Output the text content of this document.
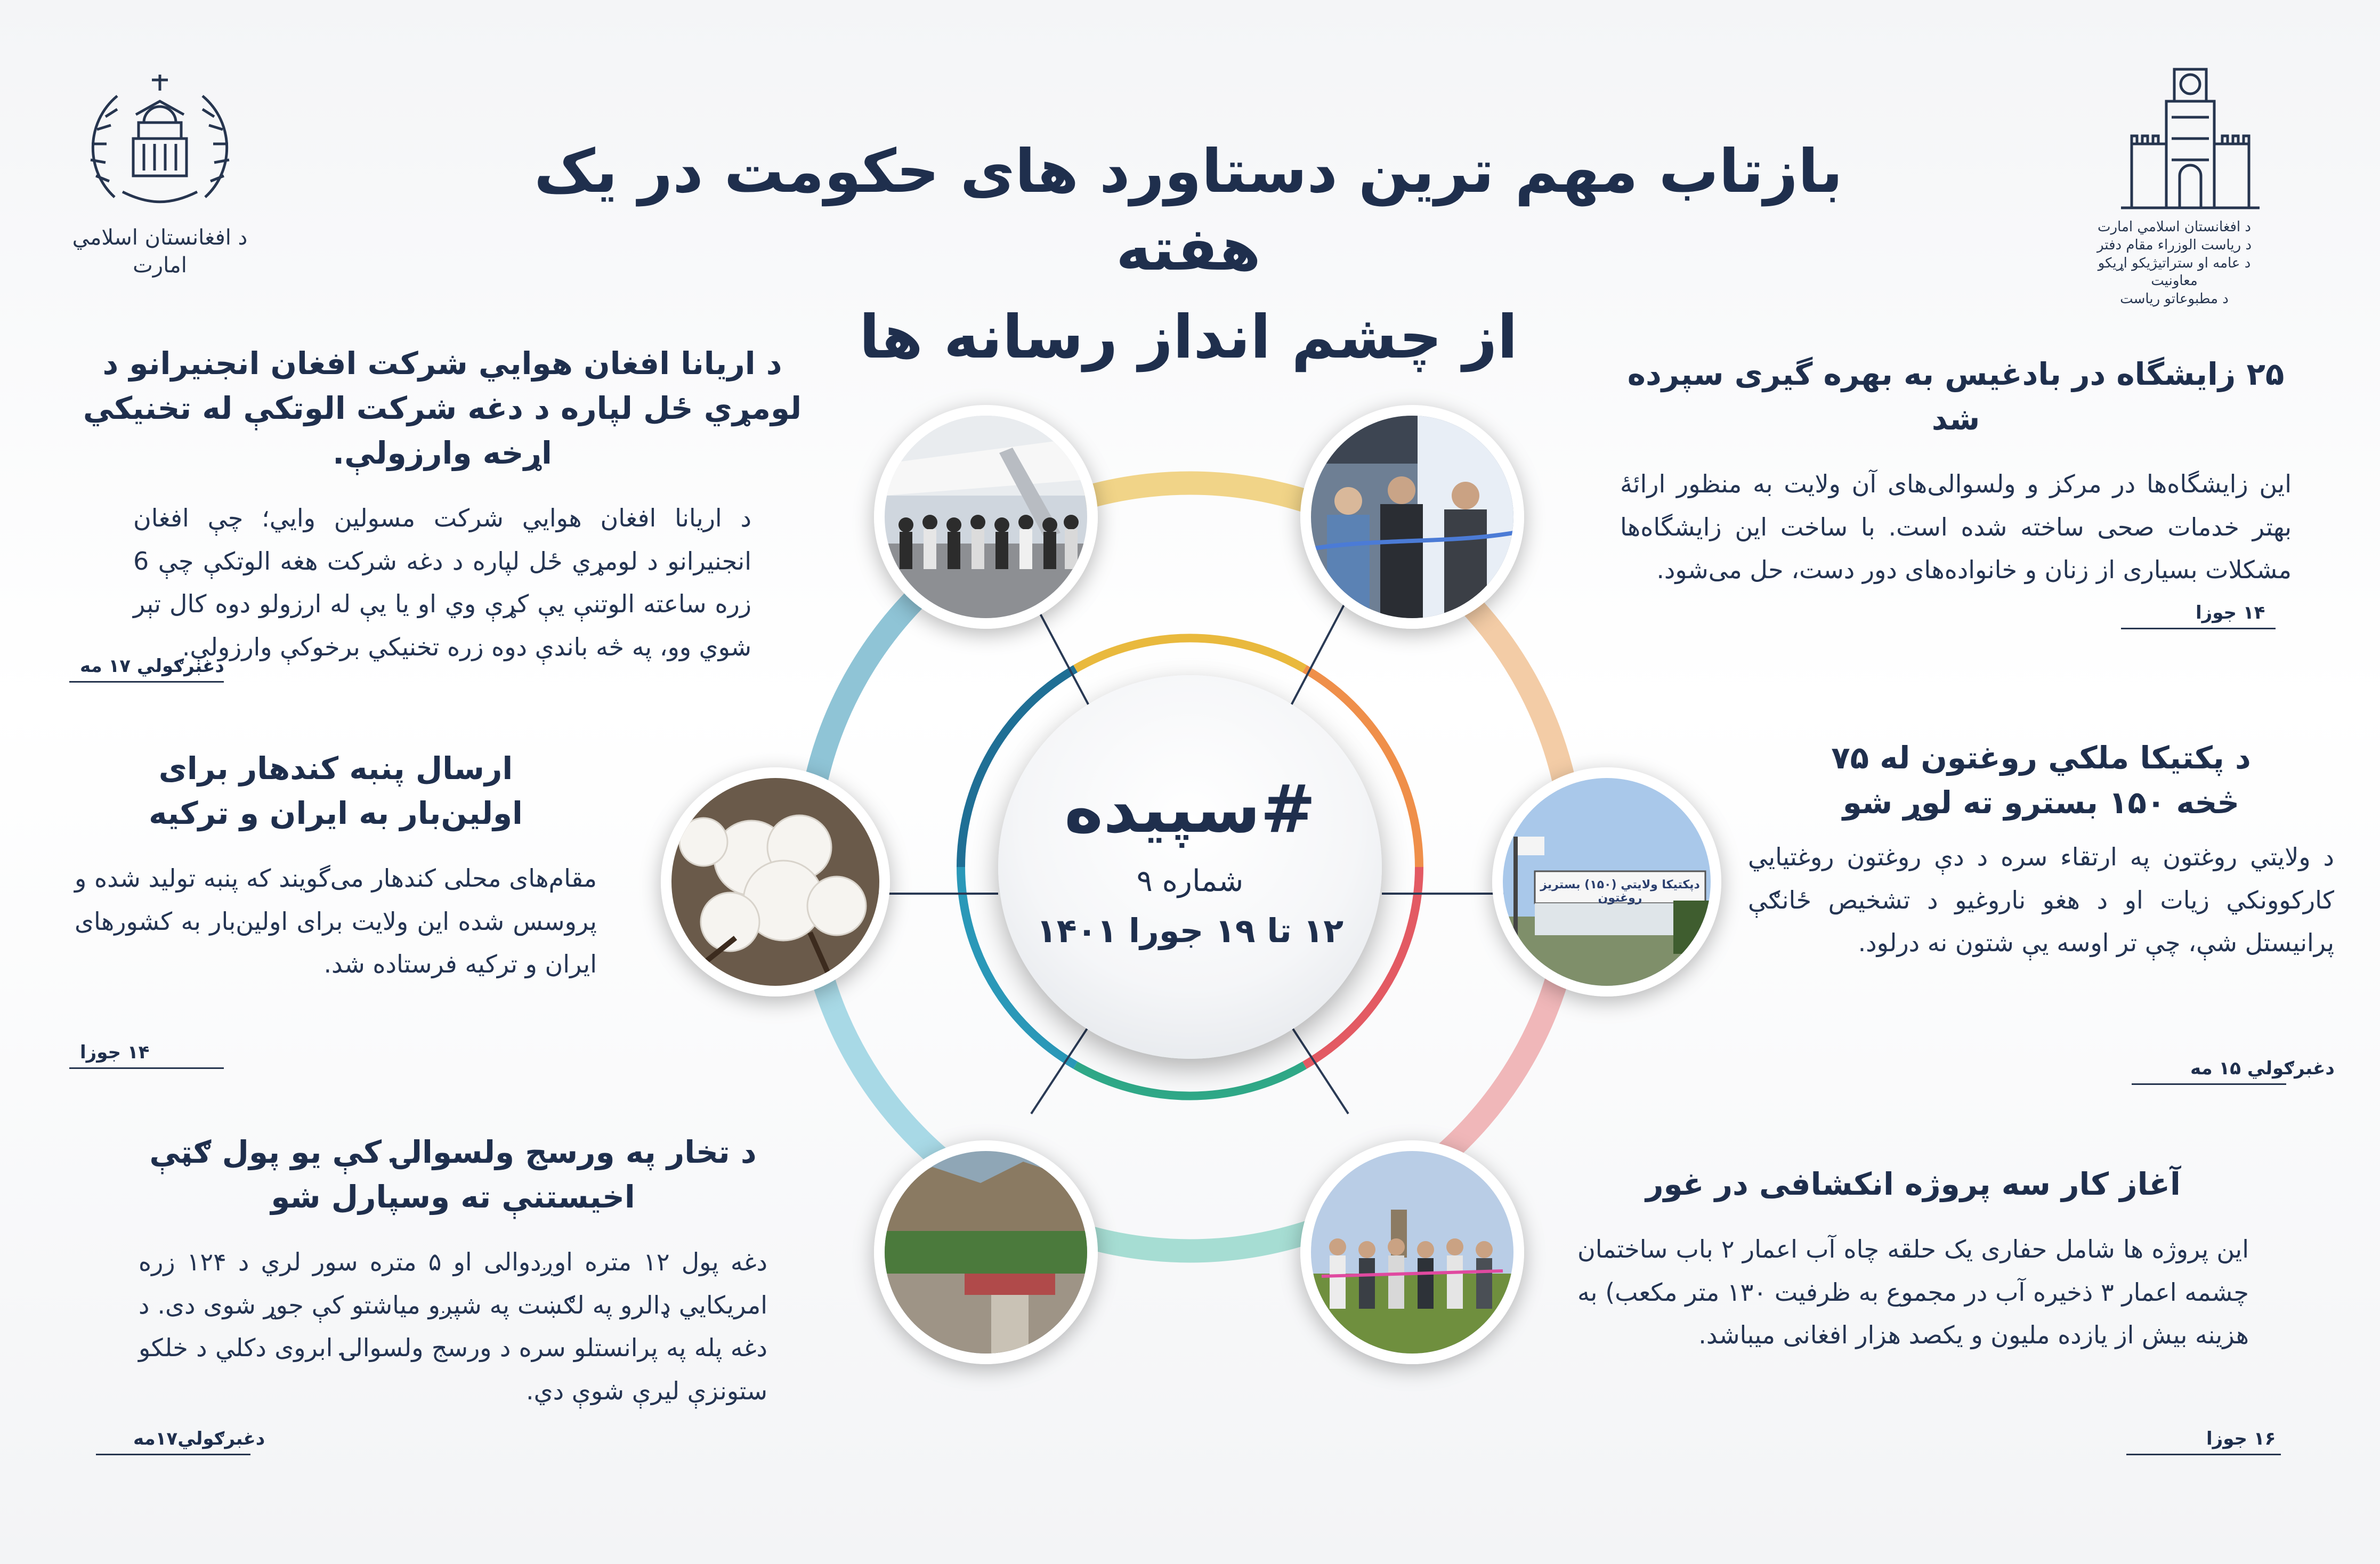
بازتاب مهم ترین دستاورد های حکومت در یک هفته
از چشم انداز رسانه ها
د افغانستان اسلامي امارت
د افغانستان اسلامي امارت
د رياست الوزراء مقام دفتر
د عامه او ستراتيژيکو اړيکو معاونيت
د مطبوعاتو رياست
دپکتیکا ولایتي (۱۵۰) بستریز روغتون
#سپیده
شماره ۹
۱۲ تا ۱۹ جورا ۱۴۰۱
د اریانا افغان هوايي شرکت افغان انجنیرانو د لومړي ځل لپاره د دغه شرکت الوتکې له تخنیکي اړخه وارزولې.
د اریانا افغان هوايي شرکت مسولین وايي؛ چې افغان انجنیرانو د لومړي ځل لپاره د دغه شرکت هغه الوتکې چې 6 زره ساعته الوتنې يې کړې وي او يا يې له ارزولو دوه کال تېر شوي وو، په څه باندې دوه زره تخنیکي برخوکې وارزولې.
دغبرګولي ۱۷ مه
ارسال پنبه کندهار برای اولین‌بار به ایران و ترکیه
مقام‌های محلی کندهار می‌گویند که پنبه تولید شده و پروسس شده این ولایت برای اولین‌بار به کشورهای ایران و ترکیه فرستاده شد.
۱۴ جوزا
د تخار په ورسج ولسوالۍ کې یو پول ګټې اخیستنې ته وسپارل شو
دغه پول ۱۲ متره اوږدوالی او ۵ متره سور لري د ۱۲۴ زره امریکایي ډالرو په لګښت په شپږو میاشتو کې جوړ شوی دی. د دغه پله په پرانستلو سره د ورسج ولسوالۍ ابروی دکلي د خلکو ستونزې لیرې شوې دي.
دغبرګولي۱۷مه
۲۵ زایشگاه در بادغیس به بهره گیری سپرده شد
این زایشگاه‌ها در مرکز و ولسوالی‌های آن ولایت به منظور ارائۀ بهتر خدمات صحی ساخته شده است. با ساخت این زایشگاه‌ها مشکلات بسیاری از زنان و خانواده‌های دور دست، حل می‌شود.
۱۴ جوزا
د پکتیکا ملکي روغتون له ۷۵ څخه ۱۵۰ بسترو ته لوړ شو
د ولايتي روغتون په ارتقاء سره د دې روغتون روغتیايي کارکوونکي زيات او د هغو ناروغیو د تشخیص ځانګې پرانیستل شې، چې تر اوسه يې شتون نه درلود.
دغبرګولي ۱۵ مه
آغاز کار سه پروژه انکشافی در غور
این پروژه ها شامل حفاری یک حلقه چاه آب اعمار ۲ باب ساختمان چشمه اعمار ۳ ذخیره آب در مجموع به ظرفیت ۱۳۰ متر مکعب) به هزینه بیش از یازده ملیون و یکصد هزار افغانی میباشد.
۱۶ جوزا
